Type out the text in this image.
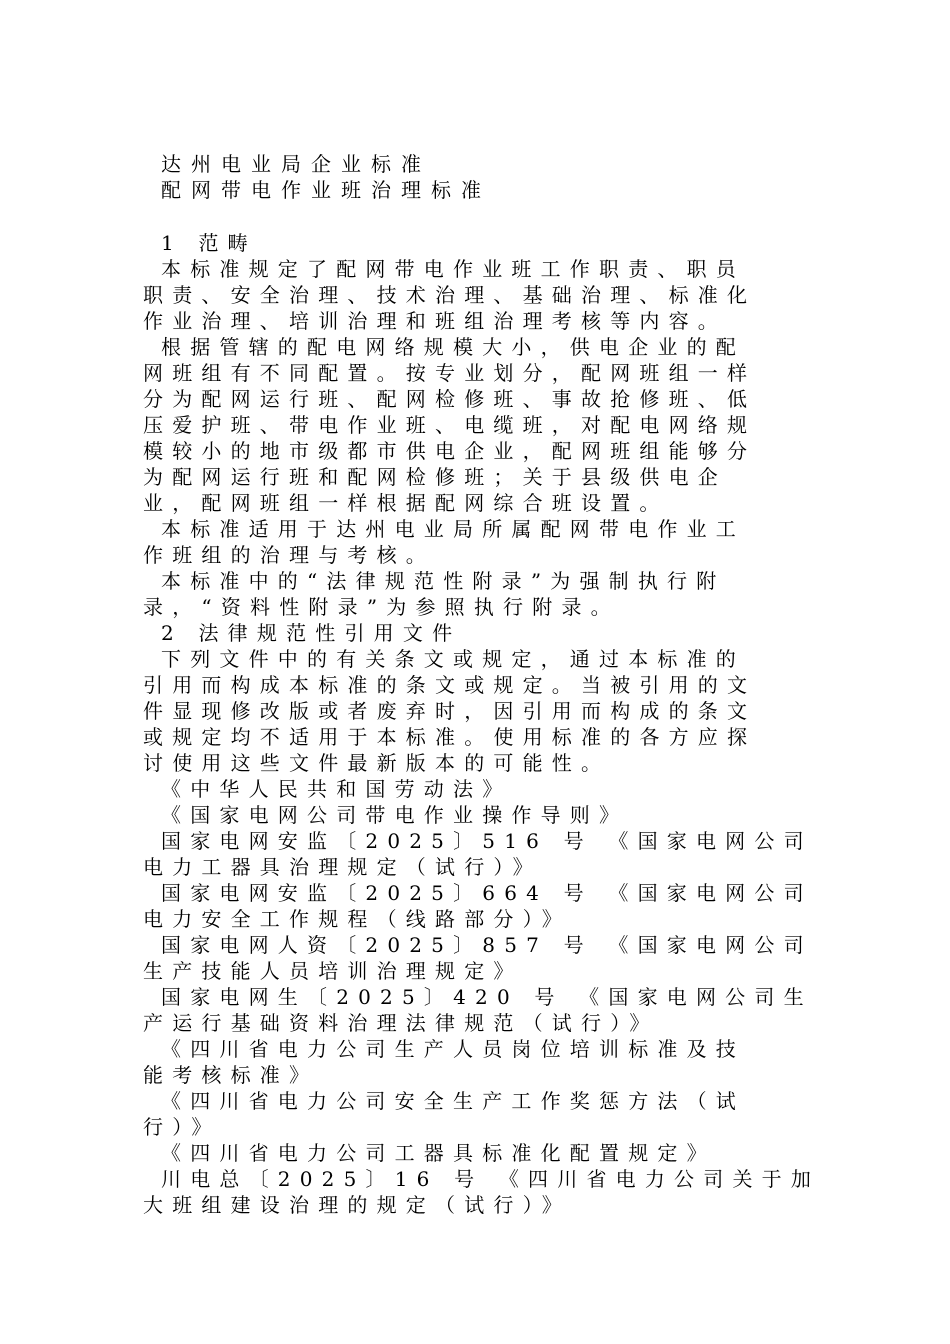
达州电业局企业标准
配网带电作业班治理标准
1 范畴
本标准规定了配网带电作业班工作职责、职员
职责、安全治理、技术治理、基础治理、标准化
作业治理、培训治理和班组治理考核等内容。
根据管辖的配电网络规模大小，供电企业的配
网班组有不同配置。按专业划分，配网班组一样
分为配网运行班、配网检修班、事故抢修班、低
压爱护班、带电作业班、电缆班，对配电网络规
模较小的地市级都市供电企业，配网班组能够分
为配网运行班和配网检修班；关于县级供电企
业，配网班组一样根据配网综合班设置。
本标准适用于达州电业局所属配网带电作业工
作班组的治理与考核。
本标准中的“法律规范性附录”为强制执行附
录，“资料性附录”为参照执行附录。
2 法律规范性引用文件
下列文件中的有关条文或规定，通过本标准的
引用而构成本标准的条文或规定。当被引用的文
件显现修改版或者废弃时，因引用而构成的条文
或规定均不适用于本标准。使用标准的各方应探
讨使用这些文件最新版本的可能性。
《中华人民共和国劳动法》
《国家电网公司带电作业操作导则》
国家电网安监〔2025〕516 号 《国家电网公司
电力工器具治理规定（试行）》
国家电网安监〔2025〕664 号 《国家电网公司
电力安全工作规程（线路部分）》
国家电网人资〔2025〕857 号 《国家电网公司
生产技能人员培训治理规定》
国家电网生〔2025〕420 号 《国家电网公司生
产运行基础资料治理法律规范（试行）》
《四川省电力公司生产人员岗位培训标准及技
能考核标准》
《四川省电力公司安全生产工作奖惩方法（试
行）》
《四川省电力公司工器具标准化配置规定》
川电总〔2025〕16 号 《四川省电力公司关于加
大班组建设治理的规定（试行）》
